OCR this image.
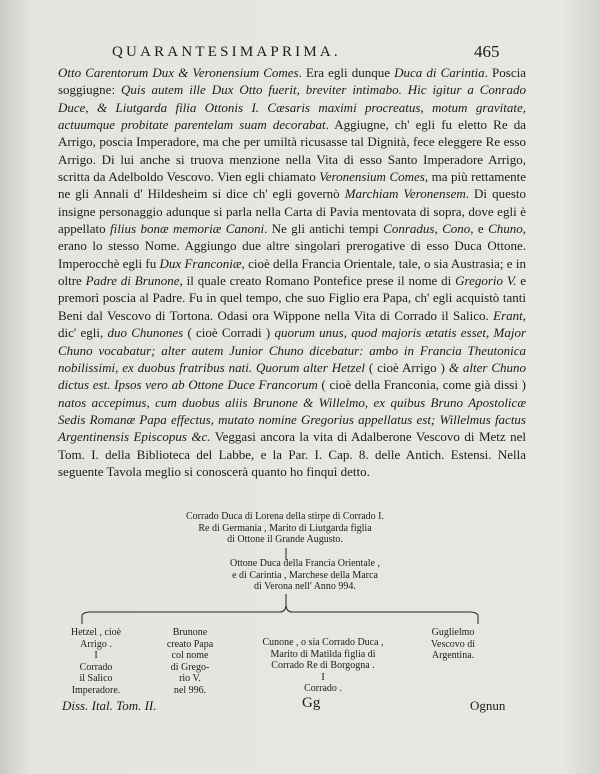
QUARANTESIMAPRIMA.	465

Otto Carentorum Dux & Veronensium Comes. Era egli dunque Duca di Carintia. Poscia soggiugne: Quis autem ille Dux Otto fuerit, breviter intimabo. Hic igitur a Conrado Duce, & Liutgarda filia Ottonis I. Cæsaris maximi procreatus, motum gravitate, actuumque probitate parentelam suam decorabat. Aggiugne, ch' egli fu eletto Re da Arrigo, poscia Imperadore, ma che per umiltà ricusasse tal Dignità, fece eleggere Re esso Arrigo. Di lui anche si truova menzione nella Vita di esso Santo Imperadore Arrigo, scritta da Adelboldo Vescovo. Vien egli chiamato Veronensium Comes, ma più rettamente ne gli Annali d' Hildesheim si dice ch' egli governò Marchiam Veronensem. Di questo insigne personaggio adunque si parla nella Carta di Pavia mentovata di sopra, dove egli è appellato filius bonæ memoriæ Canoni. Ne gli antichi tempi Conradus, Cono, e Chuno, erano lo stesso Nome. Aggiungo due altre singolari prerogative di esso Duca Ottone. Imperocchè egli fu Dux Franconiæ, cioè della Francia Orientale, tale, o sia Austrasia; e in oltre Padre di Brunone, il quale creato Romano Pontefice prese il nome di Gregorio V. e premorì poscia al Padre. Fu in quel tempo, che suo Figlio era Papa, ch' egli acquistò tanti Beni dal Vescovo di Tortona. Odasi ora Wippone nella Vita di Corrado il Salico. Erant, dic' egli, duo Chunones ( cioè Corradi ) quorum unus, quod majoris ætatis esset, Major Chuno vocabatur; alter autem Junior Chuno dicebatur: ambo in Francia Theutonica nobilissimi, ex duobus fratribus nati. Quorum alter Hetzel ( cioè Arrigo ) & alter Chuno dictus est. Ipsos vero ab Ottone Duce Francorum ( cioè della Franconia, come già dissi ) natos accepimus, cum duobus aliis Brunone & Willelmo, ex quibus Bruno Apostolicæ Sedis Romanæ Papa effectus, mutato nomine Gregorius appellatus est; Willelmus factus Argentinensis Episcopus &c. Veggasi ancora la vita di Adalberone Vescovo di Metz nel Tom. I. della Biblioteca del Labbe, e la Par. I. Cap. 8. delle Antich. Estensi. Nella seguente Tavola meglio si conoscerà quanto ho finquì detto.

Corrado Duca di Lorena della stirpe di Corrado I.
Re di Germania , Marito di Liutgarda figlia
di Ottone il Grande Augusto.
Ottone Duca della Francia Orientale ,
e di Carintia , Marchese della Marca
di Verona nell' Anno 994.
Hetzel , cioè
Arrigo .
I
Corrado
il Salico
Imperadore.
Brunone
creato Papa
col nome
di Grego-
rio V.
nel 996.
Cunone , o sia Corrado Duca ,
Marito di Matilda figlia di
Corrado Re di Borgogna .
I
Corrado .
Guglielmo
Vescovo di
Argentina.
Diss. Ital. Tom. II.	Gg	Ognun
